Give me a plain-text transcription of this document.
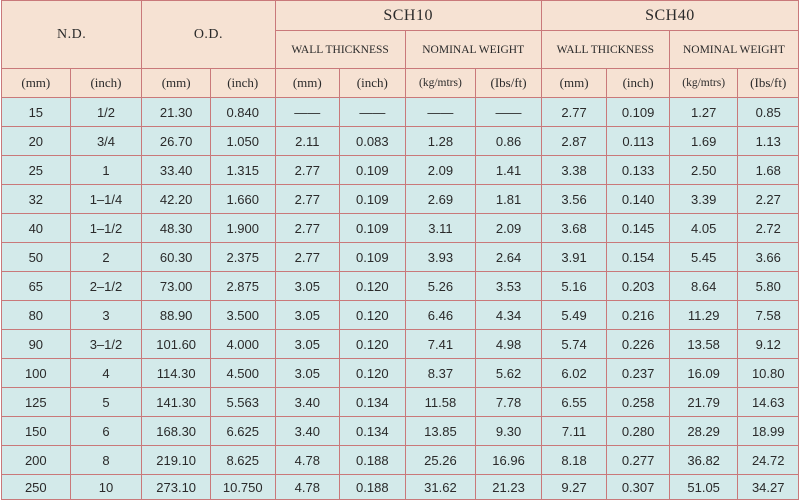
N.D.		O.D.		SCH10				SCH40			
				WALL THICKNESS		NOMINAL WEIGHT		WALL THICKNESS		NOMINAL WEIGHT	
(mm)	(inch)	(mm)	(inch)	(mm)	(inch)	(kg/mtrs)	(Ibs/ft)	(mm)	(inch)	(kg/mtrs)	(Ibs/ft)
15	1/2	21.30	0.840	——	——	——	——	2.77	0.109	1.27	0.85
20	3/4	26.70	1.050	2.11	0.083	1.28	0.86	2.87	0.113	1.69	1.13
25	1	33.40	1.315	2.77	0.109	2.09	1.41	3.38	0.133	2.50	1.68
32	1–1/4	42.20	1.660	2.77	0.109	2.69	1.81	3.56	0.140	3.39	2.27
40	1–1/2	48.30	1.900	2.77	0.109	3.11	2.09	3.68	0.145	4.05	2.72
50	2	60.30	2.375	2.77	0.109	3.93	2.64	3.91	0.154	5.45	3.66
65	2–1/2	73.00	2.875	3.05	0.120	5.26	3.53	5.16	0.203	8.64	5.80
80	3	88.90	3.500	3.05	0.120	6.46	4.34	5.49	0.216	11.29	7.58
90	3–1/2	101.60	4.000	3.05	0.120	7.41	4.98	5.74	0.226	13.58	9.12
100	4	114.30	4.500	3.05	0.120	8.37	5.62	6.02	0.237	16.09	10.80
125	5	141.30	5.563	3.40	0.134	11.58	7.78	6.55	0.258	21.79	14.63
150	6	168.30	6.625	3.40	0.134	13.85	9.30	7.11	0.280	28.29	18.99
200	8	219.10	8.625	4.78	0.188	25.26	16.96	8.18	0.277	36.82	24.72
250	10	273.10	10.750	4.78	0.188	31.62	21.23	9.27	0.307	51.05	34.27
